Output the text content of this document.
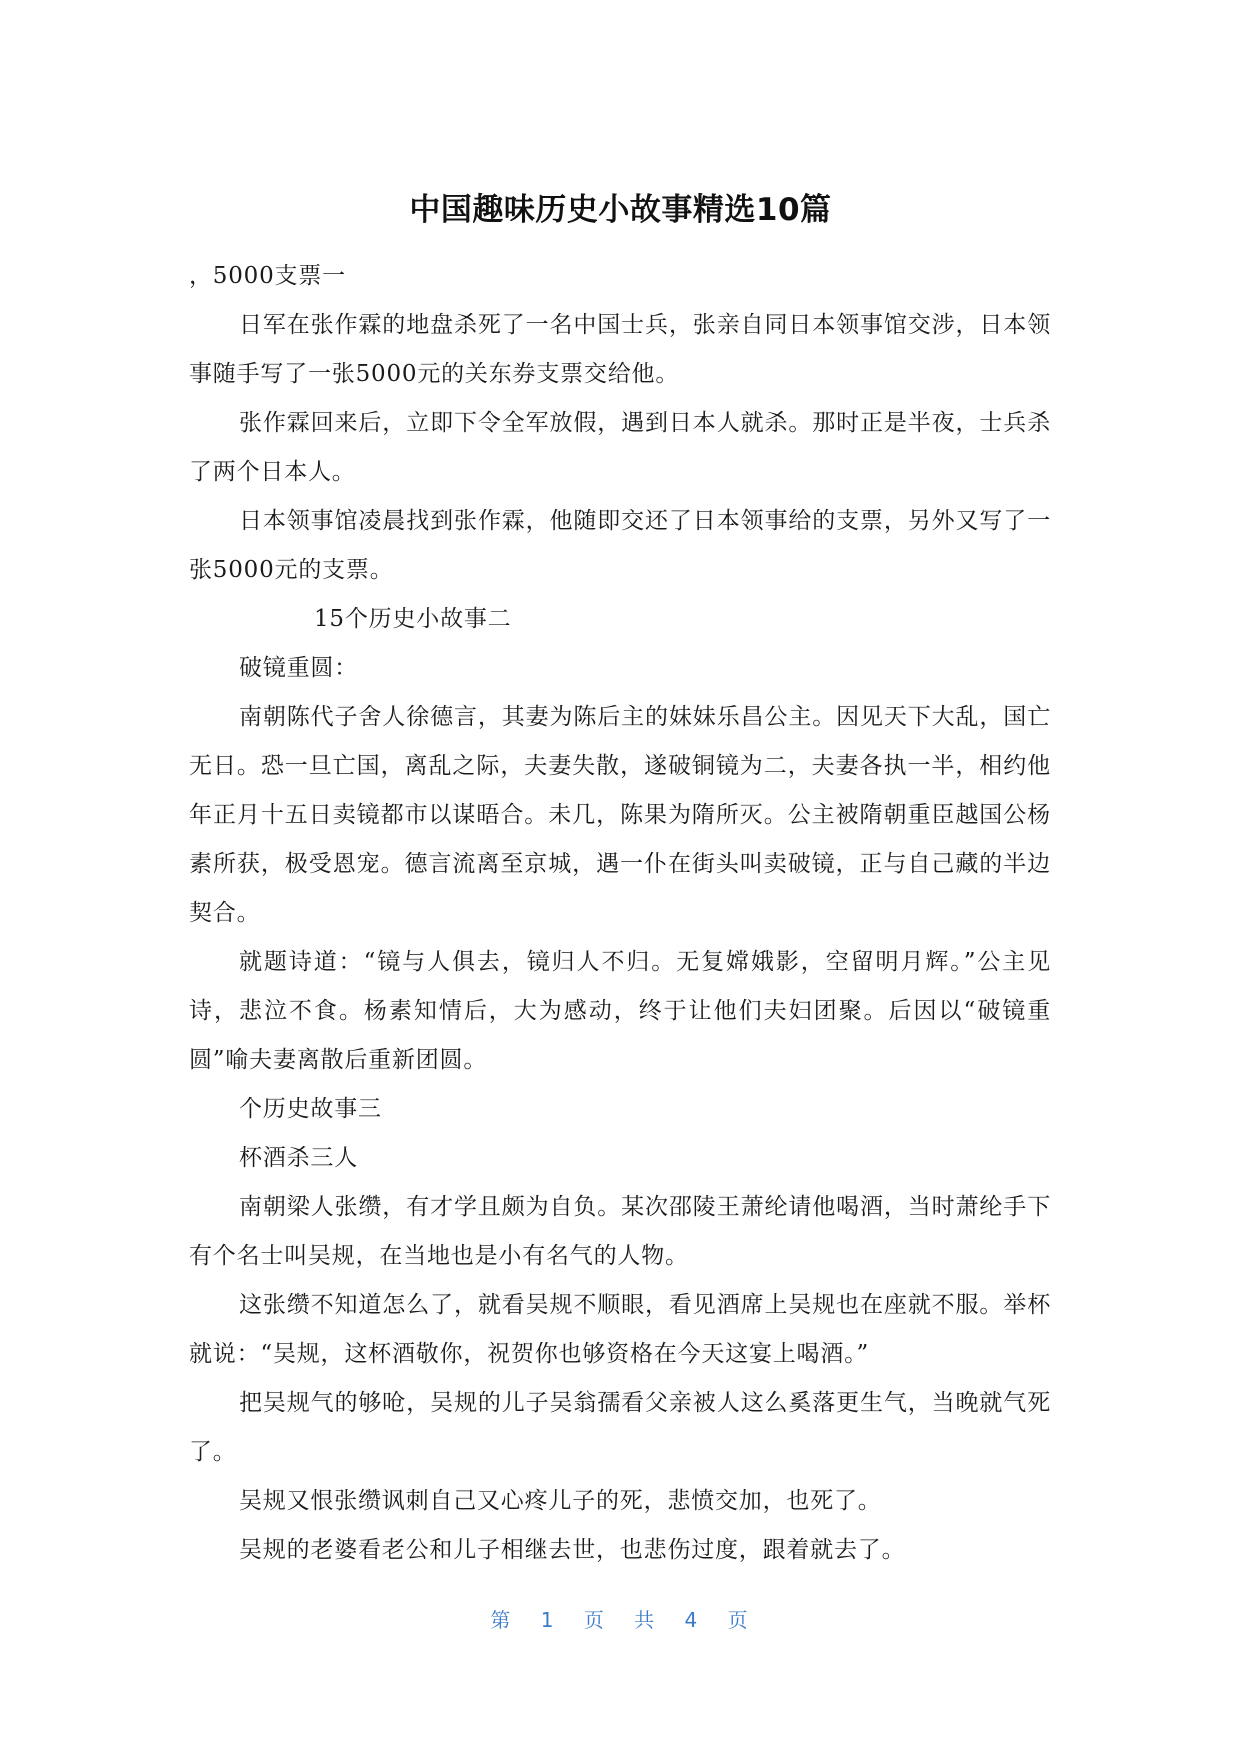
中国趣味历史小故事精选10篇

，5000支票一

日军在张作霖的地盘杀死了一名中国士兵，张亲自同日本领事馆交涉，日本领事随手写了一张5000元的关东券支票交给他。

张作霖回来后，立即下令全军放假，遇到日本人就杀。那时正是半夜，士兵杀了两个日本人。

日本领事馆凌晨找到张作霖，他随即交还了日本领事给的支票，另外又写了一张5000元的支票。

15个历史小故事二

破镜重圆：

南朝陈代子舍人徐德言，其妻为陈后主的妹妹乐昌公主。因见天下大乱，国亡无日。恐一旦亡国，离乱之际，夫妻失散，遂破铜镜为二，夫妻各执一半，相约他年正月十五日卖镜都市以谋晤合。未几，陈果为隋所灭。公主被隋朝重臣越国公杨素所获，极受恩宠。德言流离至京城，遇一仆在街头叫卖破镜，正与自己藏的半边契合。

就题诗道：“镜与人俱去，镜归人不归。无复嫦娥影，空留明月辉。”公主见诗，悲泣不食。杨素知情后，大为感动，终于让他们夫妇团聚。后因以“破镜重圆”喻夫妻离散后重新团圆。

个历史故事三

杯酒杀三人

南朝梁人张缵，有才学且颇为自负。某次邵陵王萧纶请他喝酒，当时萧纶手下有个名士叫吴规，在当地也是小有名气的人物。

这张缵不知道怎么了，就看吴规不顺眼，看见酒席上吴规也在座就不服。举杯就说：“吴规，这杯酒敬你，祝贺你也够资格在今天这宴上喝酒。”

把吴规气的够呛，吴规的儿子吴翁孺看父亲被人这么奚落更生气，当晚就气死了。

吴规又恨张缵讽刺自己又心疼儿子的死，悲愤交加，也死了。

吴规的老婆看老公和儿子相继去世，也悲伤过度，跟着就去了。

第 1 页 共 4 页
